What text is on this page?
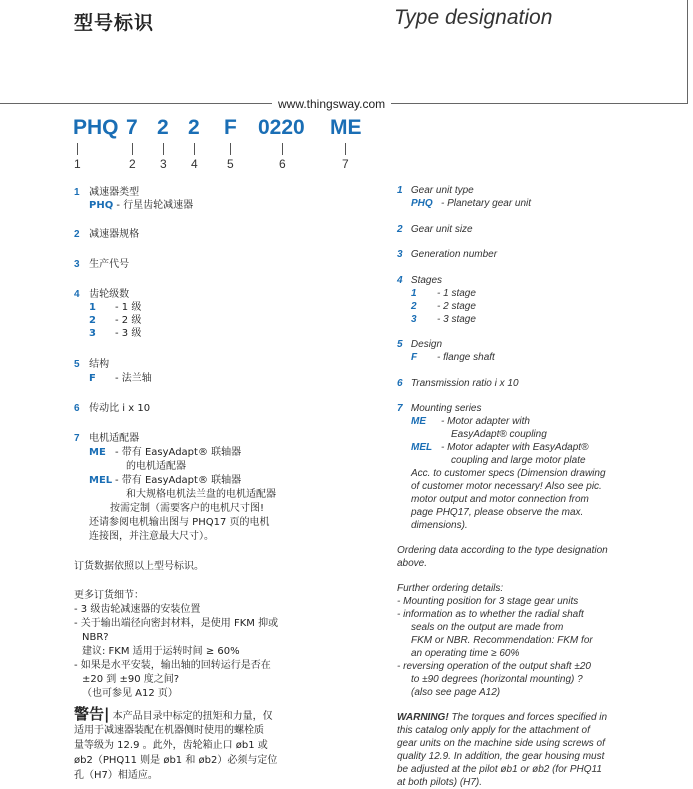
型号标识	Type designation
www.thingsway.com
PHQ 7 2 2 F 0220 ME
1	2 3 4 5	6	7
1 减速器类型
PHQ - 行星齿轮减速器
2 减速器规格
3 生产代号
4 齿轮级数
1 - 1 级
2 - 2 级
3 - 3 级
5 结构
F - 法兰轴
6 传动比 i x 10
7 电机适配器
ME - 带有 EasyAdapt® 联轴器
的电机适配器
MEL - 带有 EasyAdapt® 联轴器
和大规格电机法兰盘的电机适配器
按需定制（需要客户的电机尺寸图!
还请参阅电机输出图与 PHQ17 页的电机
连接图，并注意最大尺寸）。
订货数据依照以上型号标识。
更多订货细节：
- 3 级齿轮减速器的安装位置
- 关于输出端径向密封材料，是使用 FKM 抑或
NBR?
建议: FKM 适用于运转时间 ≥ 60%
- 如果是水平安装，输出轴的回转运行是否在
±20 到 ±90 度之间?
（也可参见 A12 页）
警告| 本产品目录中标定的扭矩和力量，仅
适用于减速器装配在机器侧时使用的螺栓质
量等级为 12.9 。此外，齿轮箱止口 øb1 或
øb2（PHQ11 则是 øb1 和 øb2）必须与定位
孔（H7）相适应。
1 Gear unit type
PHQ - Planetary gear unit
2 Gear unit size
3 Generation number
4 Stages
1 - 1 stage
2 - 2 stage
3 - 3 stage
5 Design
F - flange shaft
6 Transmission ratio i x 10
7 Mounting series
ME - Motor adapter with
EasyAdapt® coupling
MEL - Motor adapter with EasyAdapt®
coupling and large motor plate
Acc. to customer specs (Dimension drawing
of customer motor necessary! Also see pic.
motor output and motor connection from
page PHQ17, please observe the max.
dimensions).
Ordering data according to the type designation
above.
Further ordering details:
- Mounting position for 3 stage gear units
- information as to whether the radial shaft
seals on the output are made from
FKM or NBR. Recommendation: FKM for
an operating time ≥ 60%
- reversing operation of the output shaft ±20
to ±90 degrees (horizontal mounting) ?
(also see page A12)
WARNING! The torques and forces specified in
this catalog only apply for the attachment of
gear units on the machine side using screws of
quality 12.9. In addition, the gear housing must
be adjusted at the pilot øb1 or øb2 (for PHQ11
at both pilots) (H7).
